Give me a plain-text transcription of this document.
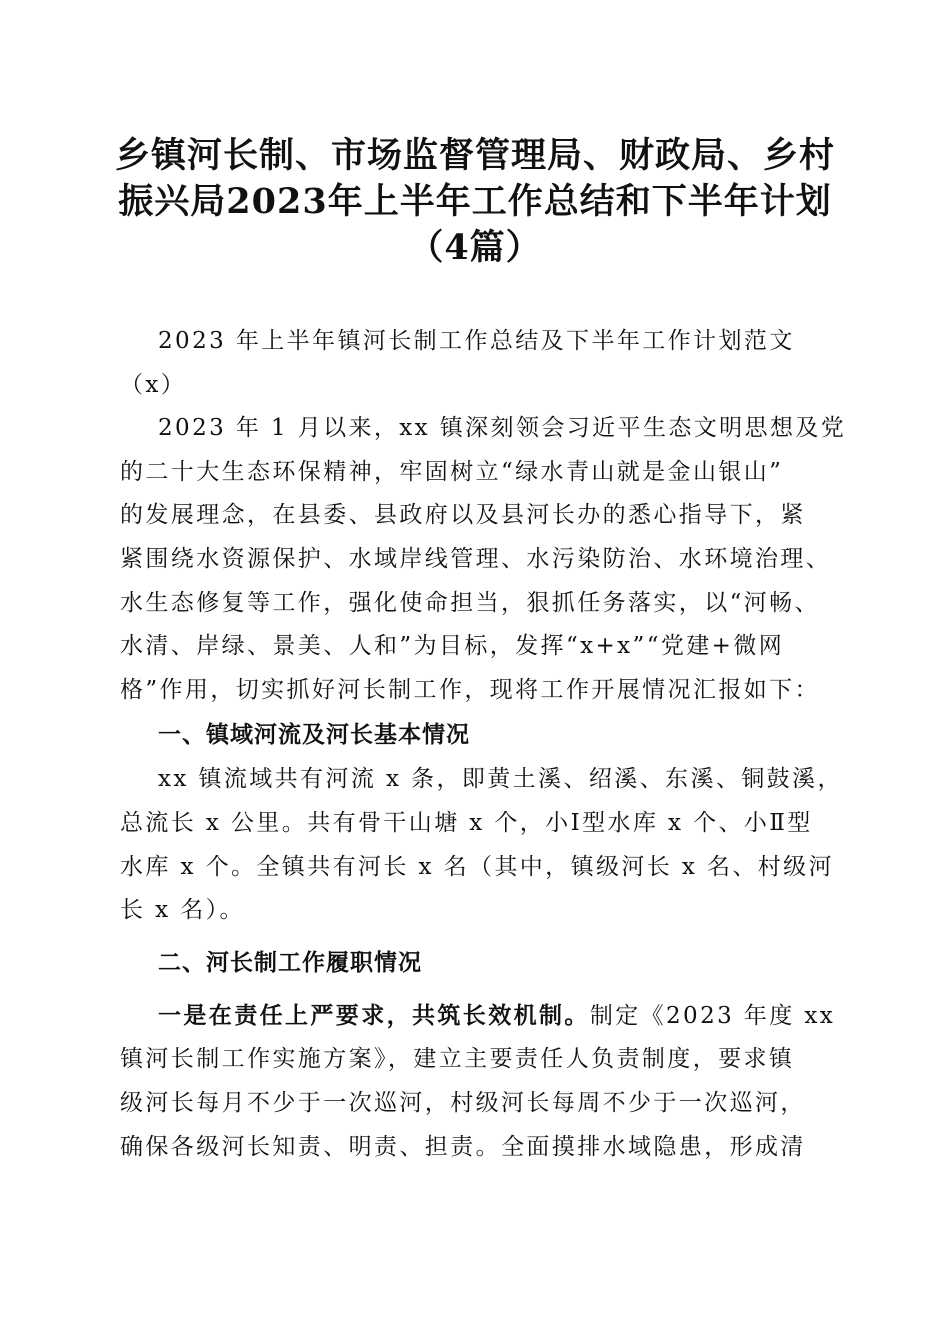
乡镇河长制、市场监督管理局、财政局、乡村
振兴局2023年上半年工作总结和下半年计划
（4篇）

2023 年上半年镇河长制工作总结及下半年工作计划范文
（x）

2023 年 1 月以来，xx 镇深刻领会习近平生态文明思想及党
的二十大生态环保精神，牢固树立“绿水青山就是金山银山”
的发展理念，在县委、县政府以及县河长办的悉心指导下，紧
紧围绕水资源保护、水域岸线管理、水污染防治、水环境治理、
水生态修复等工作，强化使命担当，狠抓任务落实，以“河畅、
水清、岸绿、景美、人和”为目标，发挥“x+x”“党建+微网
格”作用，切实抓好河长制工作，现将工作开展情况汇报如下：

一、镇域河流及河长基本情况

xx 镇流域共有河流 x 条，即黄土溪、绍溪、东溪、铜鼓溪，
总流长 x 公里。共有骨干山塘 x 个，小Ⅰ型水库 x 个、小Ⅱ型
水库 x 个。全镇共有河长 x 名（其中，镇级河长 x 名、村级河
长 x 名）。

二、河长制工作履职情况

一是在责任上严要求，共筑长效机制。制定《2023 年度 xx
镇河长制工作实施方案》，建立主要责任人负责制度，要求镇
级河长每月不少于一次巡河，村级河长每周不少于一次巡河，
确保各级河长知责、明责、担责。全面摸排水域隐患，形成清
